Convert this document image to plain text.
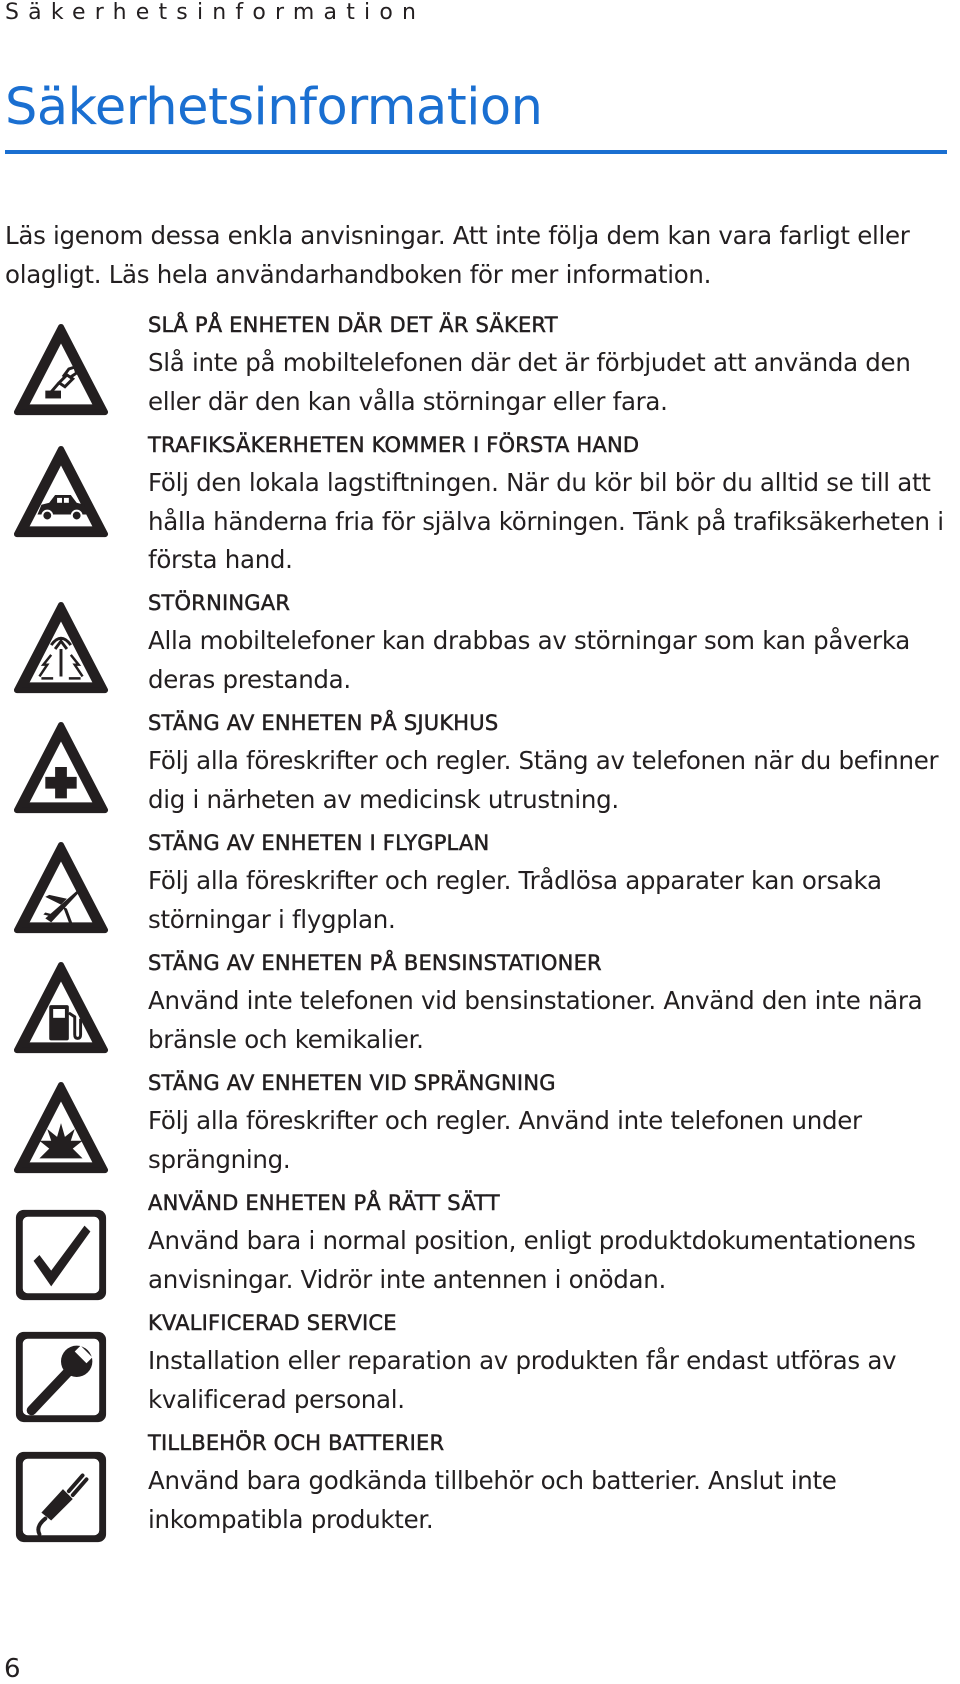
Säkerhetsinformation
Säkerhetsinformation

Läs igenom dessa enkla anvisningar. Att inte följa dem kan vara farligt eller olagligt. Läs hela användarhandboken för mer information.

SLÅ PÅ ENHETEN DÄR DET ÄR SÄKERT

Slå inte på mobiltelefonen där det är förbjudet att använda den eller där den kan vålla störningar eller fara.

TRAFIKSÄKERHETEN KOMMER I FÖRSTA HAND

Följ den lokala lagstiftningen. När du kör bil bör du alltid se till att hålla händerna fria för själva körningen. Tänk på trafiksäkerheten i första hand.

STÖRNINGAR

Alla mobiltelefoner kan drabbas av störningar som kan påverka deras prestanda.

STÄNG AV ENHETEN PÅ SJUKHUS

Följ alla föreskrifter och regler. Stäng av telefonen när du befinner dig i närheten av medicinsk utrustning.

STÄNG AV ENHETEN I FLYGPLAN

Följ alla föreskrifter och regler. Trådlösa apparater kan orsaka störningar i flygplan.

STÄNG AV ENHETEN PÅ BENSINSTATIONER

Använd inte telefonen vid bensinstationer. Använd den inte nära bränsle och kemikalier.

STÄNG AV ENHETEN VID SPRÄNGNING

Följ alla föreskrifter och regler. Använd inte telefonen under sprängning.

ANVÄND ENHETEN PÅ RÄTT SÄTT

Använd bara i normal position, enligt produktdokumentationens anvisningar. Vidrör inte antennen i onödan.

KVALIFICERAD SERVICE

Installation eller reparation av produkten får endast utföras av kvalificerad personal.

TILLBEHÖR OCH BATTERIER

Använd bara godkända tillbehör och batterier. Anslut inte inkompatibla produkter.

6
